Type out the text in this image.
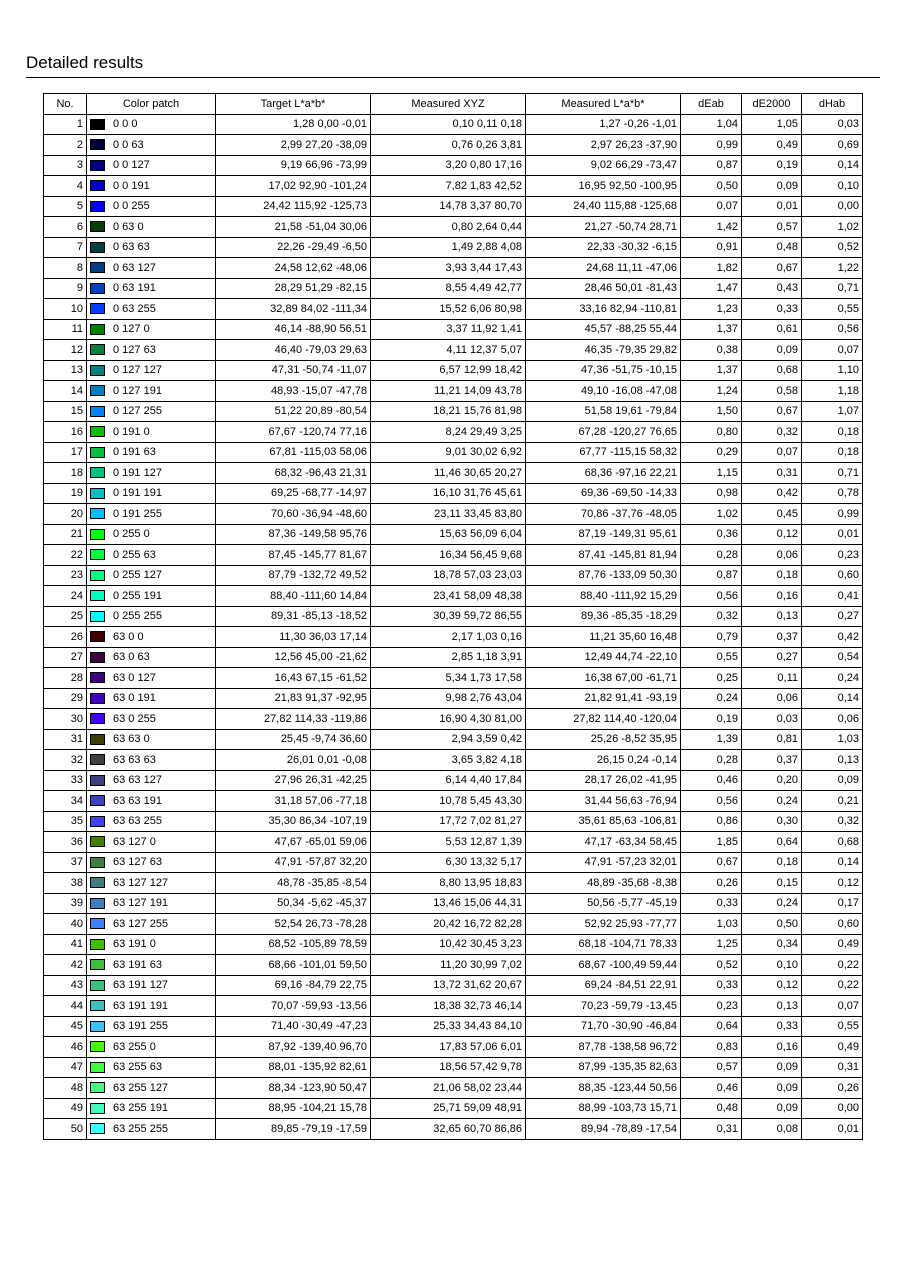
Detailed results
No.	Color patch	Target L*a*b*	Measured XYZ	Measured L*a*b*	dEab	dE2000	dHab
1	0 0 0	1,28 0,00 -0,01	0,10 0,11 0,18	1,27 -0,26 -1,01	1,04	1,05	0,03
2	0 0 63	2,99 27,20 -38,09	0,76 0,26 3,81	2,97 26,23 -37,90	0,99	0,49	0,69
3	0 0 127	9,19 66,96 -73,99	3,20 0,80 17,16	9,02 66,29 -73,47	0,87	0,19	0,14
4	0 0 191	17,02 92,90 -101,24	7,82 1,83 42,52	16,95 92,50 -100,95	0,50	0,09	0,10
5	0 0 255	24,42 115,92 -125,73	14,78 3,37 80,70	24,40 115,88 -125,68	0,07	0,01	0,00
6	0 63 0	21,58 -51,04 30,06	0,80 2,64 0,44	21,27 -50,74 28,71	1,42	0,57	1,02
7	0 63 63	22,26 -29,49 -6,50	1,49 2,88 4,08	22,33 -30,32 -6,15	0,91	0,48	0,52
8	0 63 127	24,58 12,62 -48,06	3,93 3,44 17,43	24,68 11,11 -47,06	1,82	0,67	1,22
9	0 63 191	28,29 51,29 -82,15	8,55 4,49 42,77	28,46 50,01 -81,43	1,47	0,43	0,71
10	0 63 255	32,89 84,02 -111,34	15,52 6,06 80,98	33,16 82,94 -110,81	1,23	0,33	0,55
11	0 127 0	46,14 -88,90 56,51	3,37 11,92 1,41	45,57 -88,25 55,44	1,37	0,61	0,56
12	0 127 63	46,40 -79,03 29,63	4,11 12,37 5,07	46,35 -79,35 29,82	0,38	0,09	0,07
13	0 127 127	47,31 -50,74 -11,07	6,57 12,99 18,42	47,36 -51,75 -10,15	1,37	0,68	1,10
14	0 127 191	48,93 -15,07 -47,78	11,21 14,09 43,78	49,10 -16,08 -47,08	1,24	0,58	1,18
15	0 127 255	51,22 20,89 -80,54	18,21 15,76 81,98	51,58 19,61 -79,84	1,50	0,67	1,07
16	0 191 0	67,67 -120,74 77,16	8,24 29,49 3,25	67,28 -120,27 76,65	0,80	0,32	0,18
17	0 191 63	67,81 -115,03 58,06	9,01 30,02 6,92	67,77 -115,15 58,32	0,29	0,07	0,18
18	0 191 127	68,32 -96,43 21,31	11,46 30,65 20,27	68,36 -97,16 22,21	1,15	0,31	0,71
19	0 191 191	69,25 -68,77 -14,97	16,10 31,76 45,61	69,36 -69,50 -14,33	0,98	0,42	0,78
20	0 191 255	70,60 -36,94 -48,60	23,11 33,45 83,80	70,86 -37,76 -48,05	1,02	0,45	0,99
21	0 255 0	87,36 -149,58 95,76	15,63 56,09 6,04	87,19 -149,31 95,61	0,36	0,12	0,01
22	0 255 63	87,45 -145,77 81,67	16,34 56,45 9,68	87,41 -145,81 81,94	0,28	0,06	0,23
23	0 255 127	87,79 -132,72 49,52	18,78 57,03 23,03	87,76 -133,09 50,30	0,87	0,18	0,60
24	0 255 191	88,40 -111,60 14,84	23,41 58,09 48,38	88,40 -111,92 15,29	0,56	0,16	0,41
25	0 255 255	89,31 -85,13 -18,52	30,39 59,72 86,55	89,36 -85,35 -18,29	0,32	0,13	0,27
26	63 0 0	11,30 36,03 17,14	2,17 1,03 0,16	11,21 35,60 16,48	0,79	0,37	0,42
27	63 0 63	12,56 45,00 -21,62	2,85 1,18 3,91	12,49 44,74 -22,10	0,55	0,27	0,54
28	63 0 127	16,43 67,15 -61,52	5,34 1,73 17,58	16,38 67,00 -61,71	0,25	0,11	0,24
29	63 0 191	21,83 91,37 -92,95	9,98 2,76 43,04	21,82 91,41 -93,19	0,24	0,06	0,14
30	63 0 255	27,82 114,33 -119,86	16,90 4,30 81,00	27,82 114,40 -120,04	0,19	0,03	0,06
31	63 63 0	25,45 -9,74 36,60	2,94 3,59 0,42	25,26 -8,52 35,95	1,39	0,81	1,03
32	63 63 63	26,01 0,01 -0,08	3,65 3,82 4,18	26,15 0,24 -0,14	0,28	0,37	0,13
33	63 63 127	27,96 26,31 -42,25	6,14 4,40 17,84	28,17 26,02 -41,95	0,46	0,20	0,09
34	63 63 191	31,18 57,06 -77,18	10,78 5,45 43,30	31,44 56,63 -76,94	0,56	0,24	0,21
35	63 63 255	35,30 86,34 -107,19	17,72 7,02 81,27	35,61 85,63 -106,81	0,86	0,30	0,32
36	63 127 0	47,67 -65,01 59,06	5,53 12,87 1,39	47,17 -63,34 58,45	1,85	0,64	0,68
37	63 127 63	47,91 -57,87 32,20	6,30 13,32 5,17	47,91 -57,23 32,01	0,67	0,18	0,14
38	63 127 127	48,78 -35,85 -8,54	8,80 13,95 18,83	48,89 -35,68 -8,38	0,26	0,15	0,12
39	63 127 191	50,34 -5,62 -45,37	13,46 15,06 44,31	50,56 -5,77 -45,19	0,33	0,24	0,17
40	63 127 255	52,54 26,73 -78,28	20,42 16,72 82,28	52,92 25,93 -77,77	1,03	0,50	0,60
41	63 191 0	68,52 -105,89 78,59	10,42 30,45 3,23	68,18 -104,71 78,33	1,25	0,34	0,49
42	63 191 63	68,66 -101,01 59,50	11,20 30,99 7,02	68,67 -100,49 59,44	0,52	0,10	0,22
43	63 191 127	69,16 -84,79 22,75	13,72 31,62 20,67	69,24 -84,51 22,91	0,33	0,12	0,22
44	63 191 191	70,07 -59,93 -13,56	18,38 32,73 46,14	70,23 -59,79 -13,45	0,23	0,13	0,07
45	63 191 255	71,40 -30,49 -47,23	25,33 34,43 84,10	71,70 -30,90 -46,84	0,64	0,33	0,55
46	63 255 0	87,92 -139,40 96,70	17,83 57,06 6,01	87,78 -138,58 96,72	0,83	0,16	0,49
47	63 255 63	88,01 -135,92 82,61	18,56 57,42 9,78	87,99 -135,35 82,63	0,57	0,09	0,31
48	63 255 127	88,34 -123,90 50,47	21,06 58,02 23,44	88,35 -123,44 50,56	0,46	0,09	0,26
49	63 255 191	88,95 -104,21 15,78	25,71 59,09 48,91	88,99 -103,73 15,71	0,48	0,09	0,00
50	63 255 255	89,85 -79,19 -17,59	32,65 60,70 86,86	89,94 -78,89 -17,54	0,31	0,08	0,01
